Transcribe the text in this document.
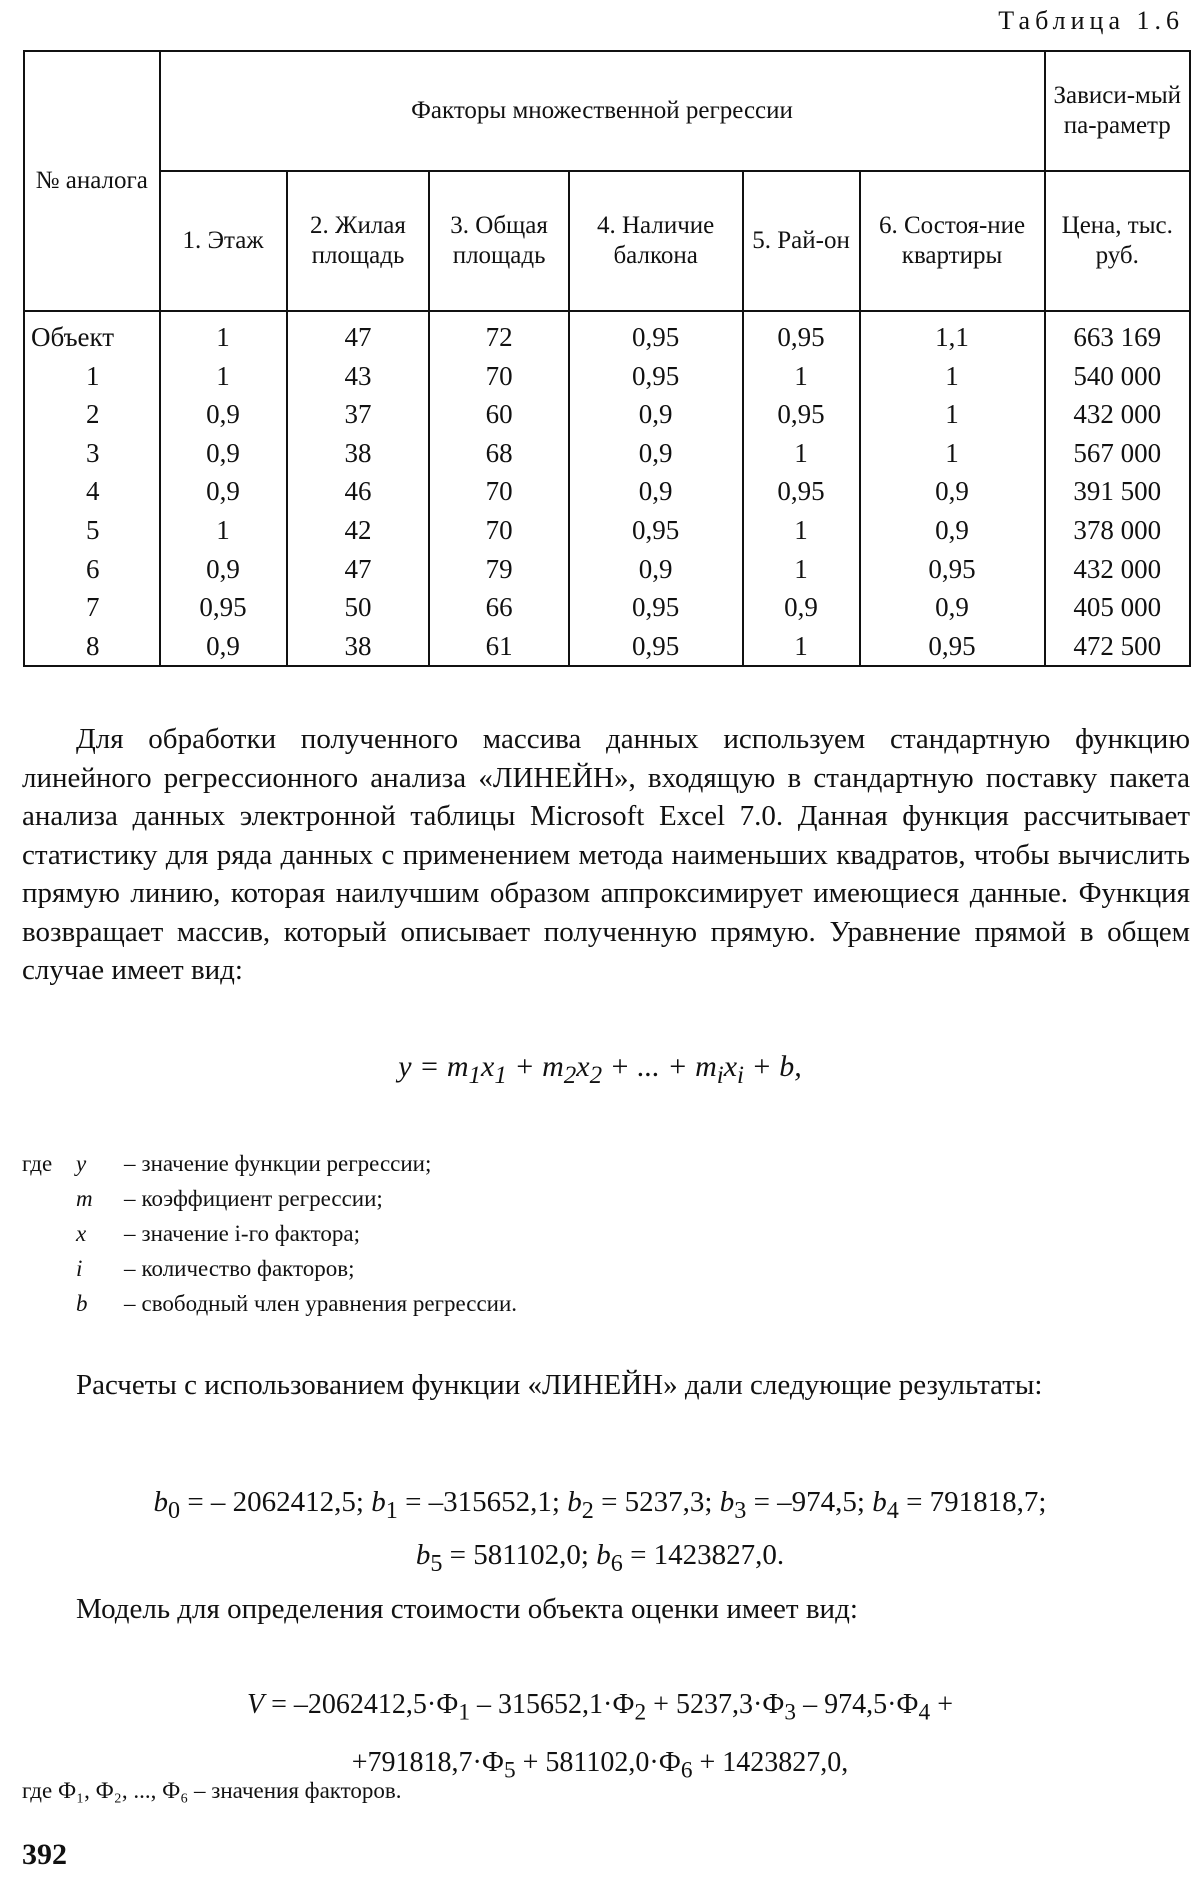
Таблица 1.6
№ аналога	Факторы множественной регрессии						Зависи-мый па-раметр
	1. Этаж	2. Жилая площадь	3. Общая площадь	4. Наличие балкона	5. Рай-он	6. Состоя-ние квартиры	Цена, тыс. руб.
Объект	1	47	72	0,95	0,95	1,1	663 169
1	1	43	70	0,95	1	1	540 000
2	0,9	37	60	0,9	0,95	1	432 000
3	0,9	38	68	0,9	1	1	567 000
4	0,9	46	70	0,9	0,95	0,9	391 500
5	1	42	70	0,95	1	0,9	378 000
6	0,9	47	79	0,9	1	0,95	432 000
7	0,95	50	66	0,95	0,9	0,9	405 000
8	0,9	38	61	0,95	1	0,95	472 500

Для обработки полученного массива данных используем стандартную функцию линейного регрессионного анализа «ЛИНЕЙН», входящую в стандартную поставку пакета анализа данных электронной таблицы Microsoft Excel 7.0. Данная функция рассчитывает статистику для ряда данных с применением метода наименьших квадратов, чтобы вычислить прямую линию, которая наилучшим образом аппроксимирует имеющиеся данные. Функция возвращает массив, который описывает полученную прямую. Уравнение прямой в общем случае имеет вид:

$y = m_1x_1 + m_2x_2$ + ... + $m_ix_i + b$,
где y – значение функции регрессии;
m – коэффициент регрессии;
x – значение i-го фактора;
i – количество факторов;
b – свободный член уравнения регрессии.

Расчеты с использованием функции «ЛИНЕЙН» дали следующие результаты:

$b_0$ = – 2062412,5; $b_1 = -315652,1$; $b_2 = 5237,3$; $b_3 = -974,5$; $b_4 = 791818,7$;
$b_5 = 581102,0$; $b_6 = 1423827,0$.

Модель для определения стоимости объекта оценки имеет вид:

$V = -2062412,5\cdot Ф_1 - 315652,1\cdot Ф_2 + 5237,3\cdot Ф_3 - 974,5\cdot Ф_4$ +
$+791818,7\cdot Ф_5 + 581102,0\cdot Ф_6 + 1423827,0$,
где Ф₁, Ф₂, ..., Ф₆ – значения факторов.
392
